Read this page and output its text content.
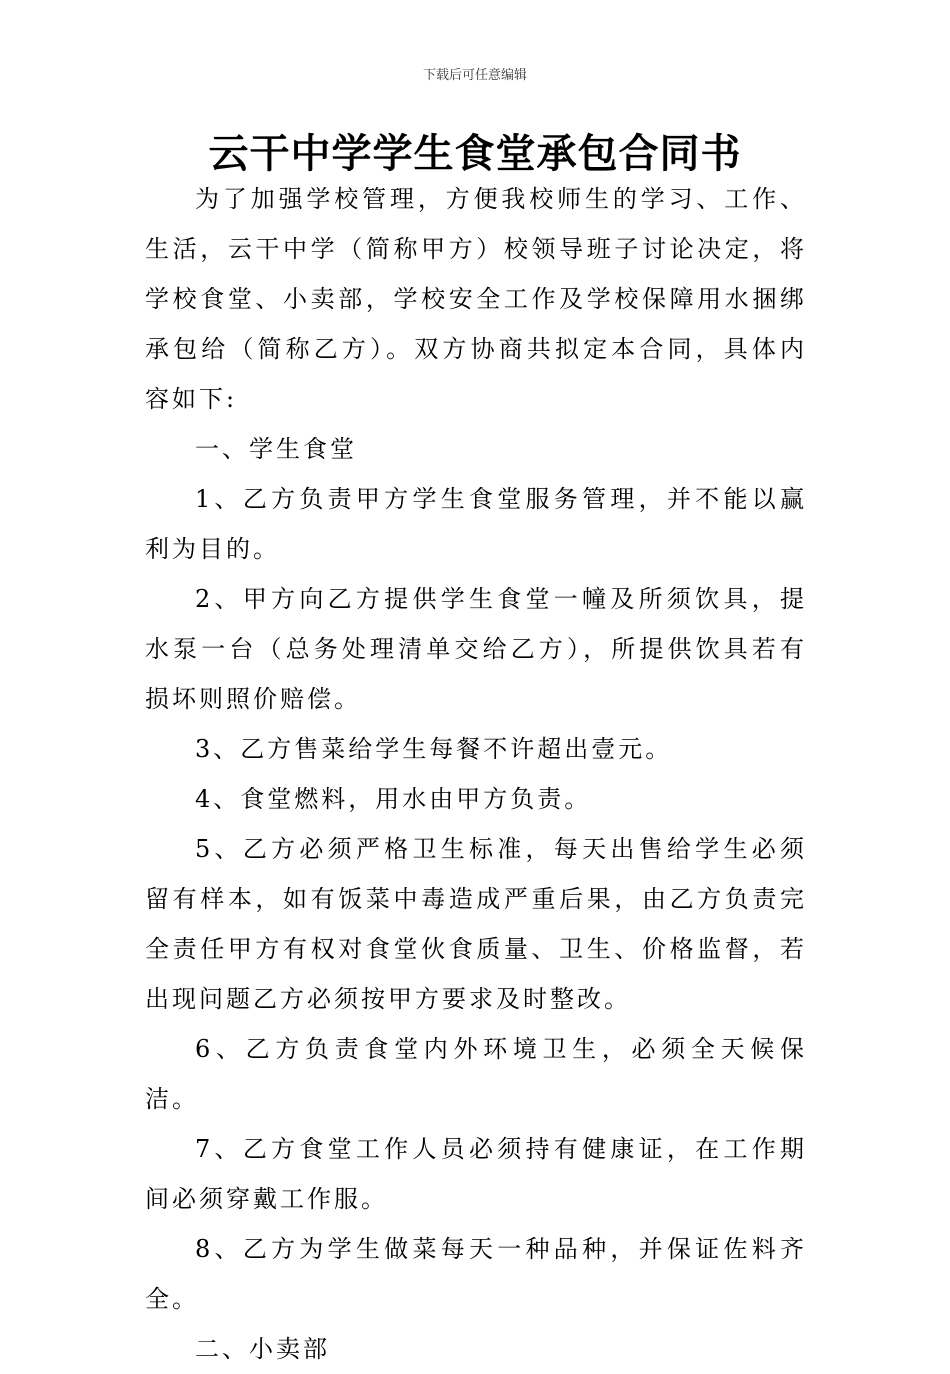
下载后可任意编辑
云干中学学生食堂承包合同书

为了加强学校管理，方便我校师生的学习、工作、生活，云干中学（简称甲方）校领导班子讨论决定，将学校食堂、小卖部，学校安全工作及学校保障用水捆绑承包给（简称乙方）。双方协商共拟定本合同，具体内容如下:

一、学生食堂

1、乙方负责甲方学生食堂服务管理，并不能以赢利为目的。

2、甲方向乙方提供学生食堂一幢及所须饮具，提水泵一台（总务处理清单交给乙方），所提供饮具若有损坏则照价赔偿。

3、乙方售菜给学生每餐不许超出壹元。

4、食堂燃料，用水由甲方负责。

5、乙方必须严格卫生标准，每天出售给学生必须留有样本，如有饭菜中毒造成严重后果，由乙方负责完全责任甲方有权对食堂伙食质量、卫生、价格监督，若出现问题乙方必须按甲方要求及时整改。

6、乙方负责食堂内外环境卫生，必须全天候保洁。

7、乙方食堂工作人员必须持有健康证，在工作期间必须穿戴工作服。

8、乙方为学生做菜每天一种品种，并保证佐料齐全。

二、小卖部
